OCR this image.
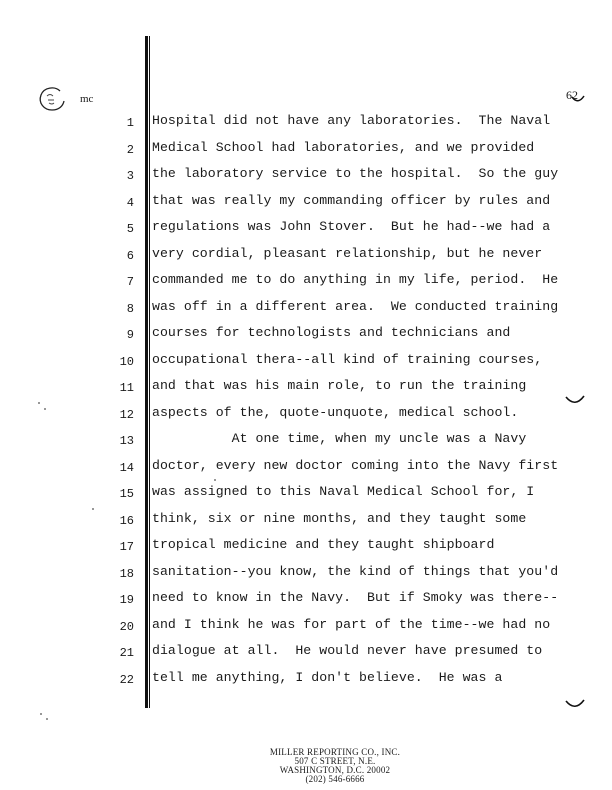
mc	62
1 Hospital did not have any laboratories.  The Naval
2 Medical School had laboratories, and we provided
3 the laboratory service to the hospital.  So the guy
4 that was really my commanding officer by rules and
5 regulations was John Stover.  But he had--we had a
6 very cordial, pleasant relationship, but he never
7 commanded me to do anything in my life, period.  He
8 was off in a different area.  We conducted training
9 courses for technologists and technicians and
10 occupational thera--all kind of training courses,
11 and that was his main role, to run the training
12 aspects of the, quote-unquote, medical school.
13 At one time, when my uncle was a Navy
14 doctor, every new doctor coming into the Navy first
15 was assigned to this Naval Medical School for, I
16 think, six or nine months, and they taught some
17 tropical medicine and they taught shipboard
18 sanitation--you know, the kind of things that you'd
19 need to know in the Navy.  But if Smoky was there--
20 and I think he was for part of the time--we had no
21 dialogue at all.  He would never have presumed to
22 tell me anything, I don't believe.  He was a
MILLER REPORTING CO., INC.
507 C STREET, N.E.
WASHINGTON, D.C. 20002
(202) 546-6666
